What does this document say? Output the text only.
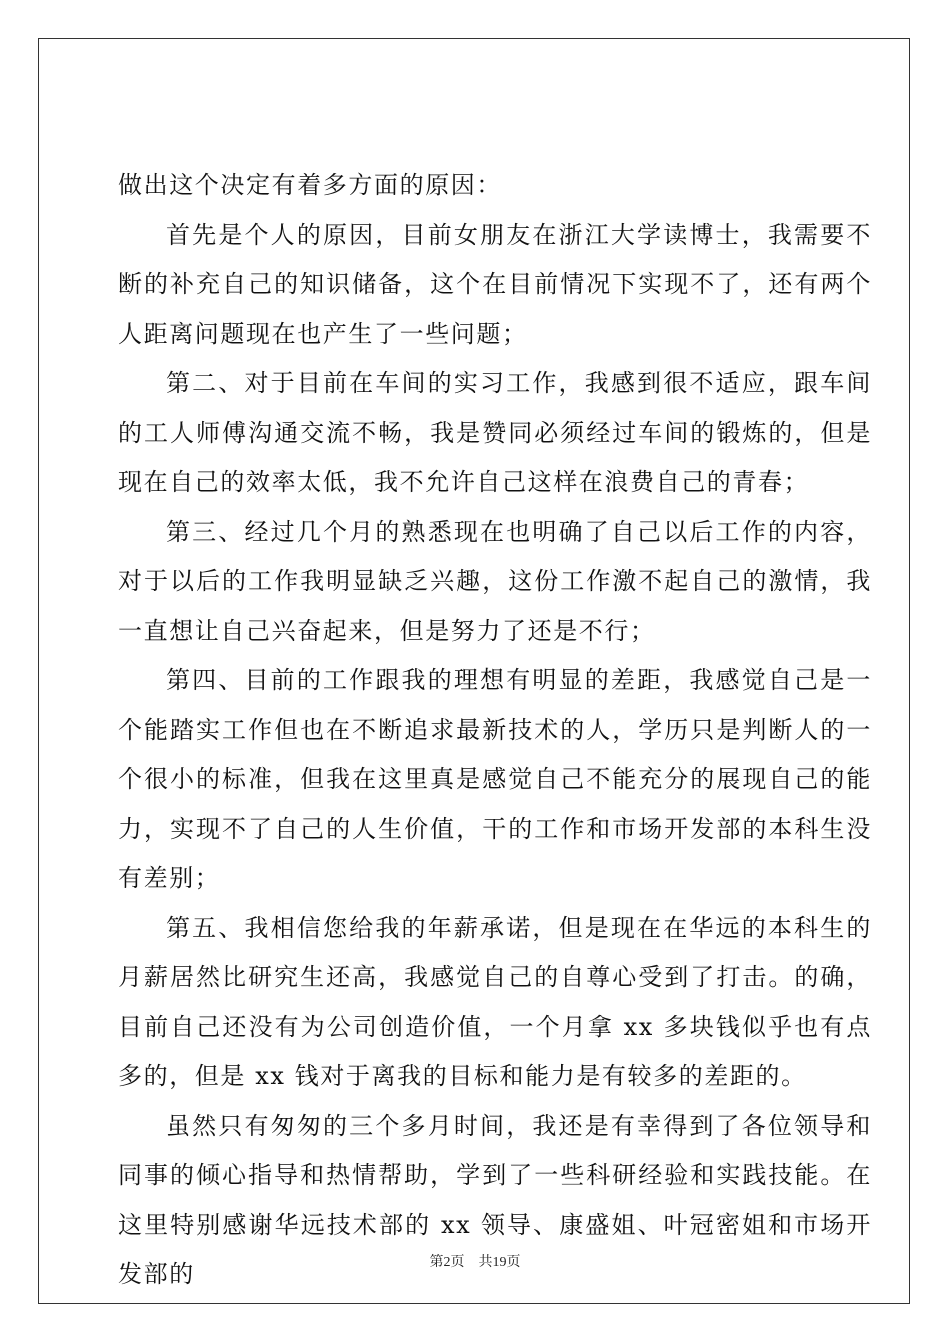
做出这个决定有着多方面的原因：

首先是个人的原因，目前女朋友在浙江大学读博士，我需要不断的补充自己的知识储备，这个在目前情况下实现不了，还有两个人距离问题现在也产生了一些问题；

第二、对于目前在车间的实习工作，我感到很不适应，跟车间的工人师傅沟通交流不畅，我是赞同必须经过车间的锻炼的，但是现在自己的效率太低，我不允许自己这样在浪费自己的青春；

第三、经过几个月的熟悉现在也明确了自己以后工作的内容，对于以后的工作我明显缺乏兴趣，这份工作激不起自己的激情，我一直想让自己兴奋起来，但是努力了还是不行；

第四、目前的工作跟我的理想有明显的差距，我感觉自己是一个能踏实工作但也在不断追求最新技术的人，学历只是判断人的一个很小的标准，但我在这里真是感觉自己不能充分的展现自己的能力，实现不了自己的人生价值，干的工作和市场开发部的本科生没有差别；

第五、我相信您给我的年薪承诺，但是现在在华远的本科生的月薪居然比研究生还高，我感觉自己的自尊心受到了打击。的确，目前自己还没有为公司创造价值，一个月拿 xx 多块钱似乎也有点多的，但是 xx 钱对于离我的目标和能力是有较多的差距的。

虽然只有匆匆的三个多月时间，我还是有幸得到了各位领导和同事的倾心指导和热情帮助，学到了一些科研经验和实践技能。在这里特别感谢华远技术部的 xx 领导、康盛姐、叶冠密姐和市场开发部的	第2页 共19页
